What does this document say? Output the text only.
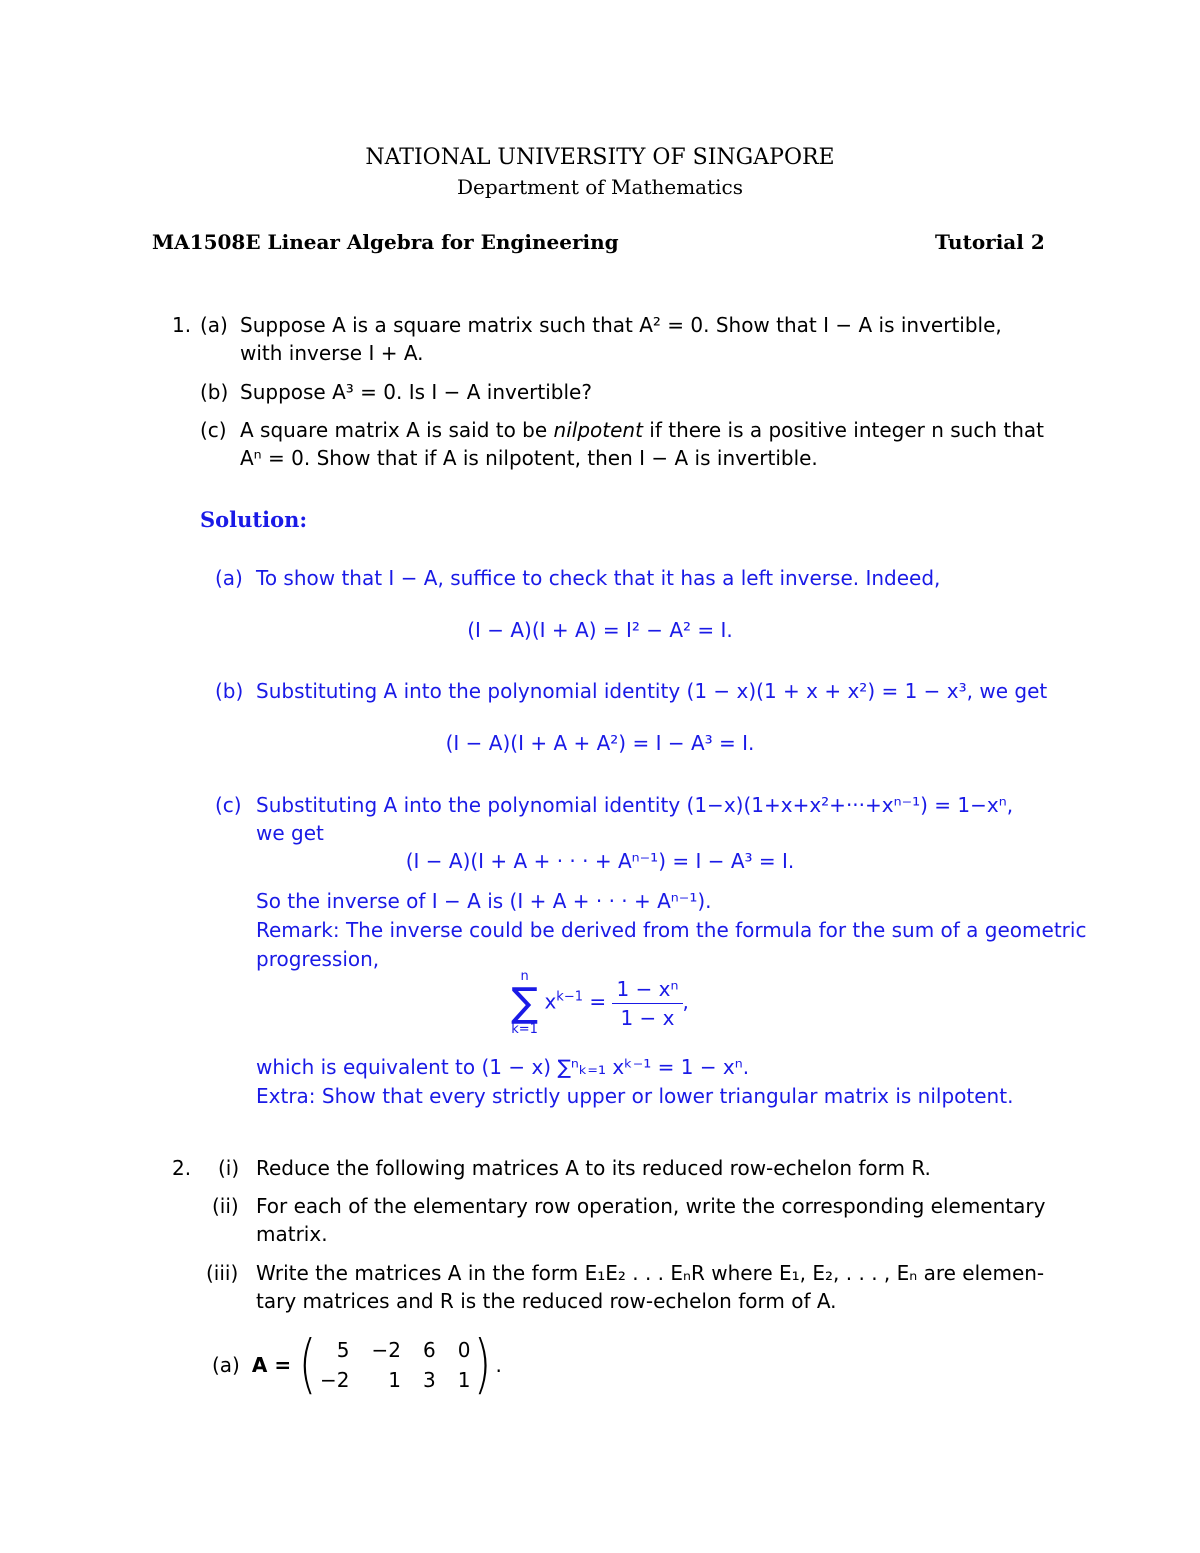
NATIONAL UNIVERSITY OF SINGAPORE
Department of Mathematics
MA1508E Linear Algebra for Engineering	Tutorial 2
1. (a) Suppose A is a square matrix such that A² = 0. Show that I − A is invertible,
with inverse I + A.
(b) Suppose A³ = 0. Is I − A invertible?
(c) A square matrix A is said to be nilpotent if there is a positive integer n such that
Aⁿ = 0. Show that if A is nilpotent, then I − A is invertible.
Solution:
(a) To show that I − A, suffice to check that it has a left inverse. Indeed,
(I − A)(I + A) = I² − A² = I.
(b) Substituting A into the polynomial identity (1 − x)(1 + x + x²) = 1 − x³, we get
(I − A)(I + A + A²) = I − A³ = I.
(c) Substituting A into the polynomial identity (1−x)(1+x+x²+···+xⁿ⁻¹) = 1−xⁿ,
we get
(I − A)(I + A + · · · + Aⁿ⁻¹) = I − A³ = I.
So the inverse of I − A is (I + A + · · · + Aⁿ⁻¹).
Remark: The inverse could be derived from the formula for the sum of a geometric
progression,
n
∑
k=1
$x^{k-1} = \frac{\text{1 − xⁿ}}{1 - x}$ ,
which is equivalent to (1 − x) ∑ⁿₖ₌₁ xᵏ⁻¹ = 1 − xⁿ.
Extra: Show that every strictly upper or lower triangular matrix is nilpotent.
2. (i) Reduce the following matrices A to its reduced row-echelon form R.
(ii) For each of the elementary row operation, write the corresponding elementary
matrix.
(iii) Write the matrices A in the form E₁E₂ . . . EₙR where E₁, E₂, . . . , Eₙ are elemen-
tary matrices and R is the reduced row-echelon form of A.
(a) A = (	5 −2 6 0
−2	1 3 1 ) .
